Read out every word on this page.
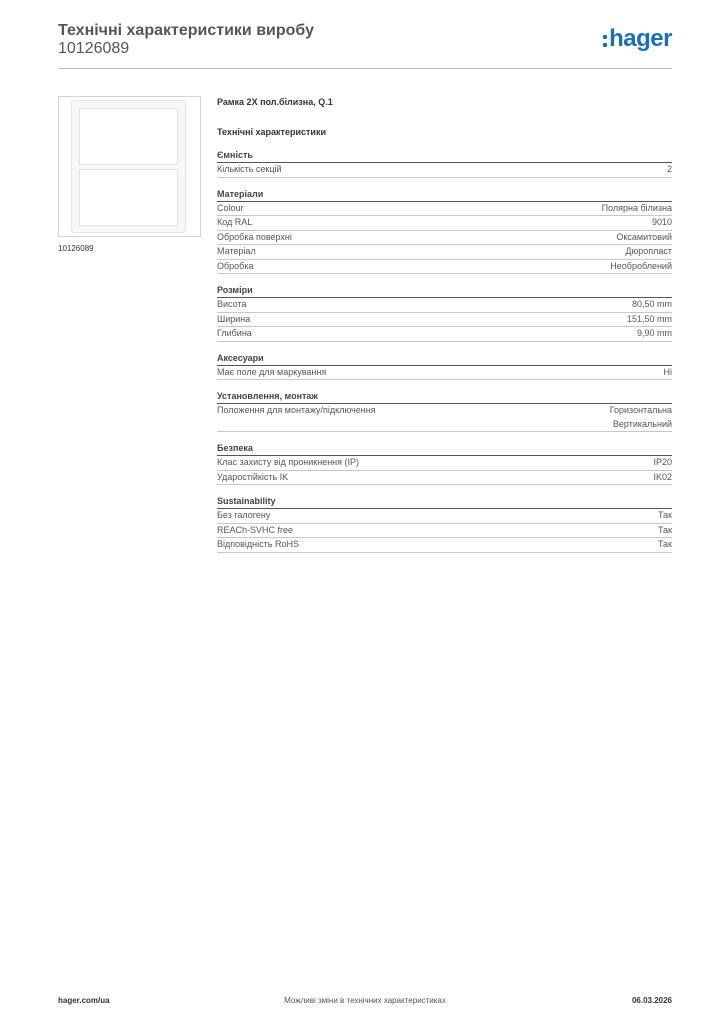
Технічні характеристики виробу
10126089	hager
10126089
Рамка 2X пол.білизна, Q.1
Технічні характеристики
Ємність
Кількість секцій	2
Матеріали
Colour	Полярна білизна
Код RAL	9010
Обробка поверхні	Оксамитовий
Матеріал	Дюропласт
Обробка	Необроблений
Розміри
Висота	80,50 mm
Ширина	151,50 mm
Глибина	9,90 mm
Аксесуари
Має поле для маркування	Ні
Установлення, монтаж
Положення для монтажу/підключення	Горизонтальна
Вертикальний
Безпека
Клас захисту від проникнення (IP)	IP20
Ударостійкість IK	IK02
Sustainability
Без галогену	Так
REACh-SVHC free	Так
Відповідність RoHS	Так
hager.com/ua	Можливі зміни в технічних характеристиках	06.03.2026
